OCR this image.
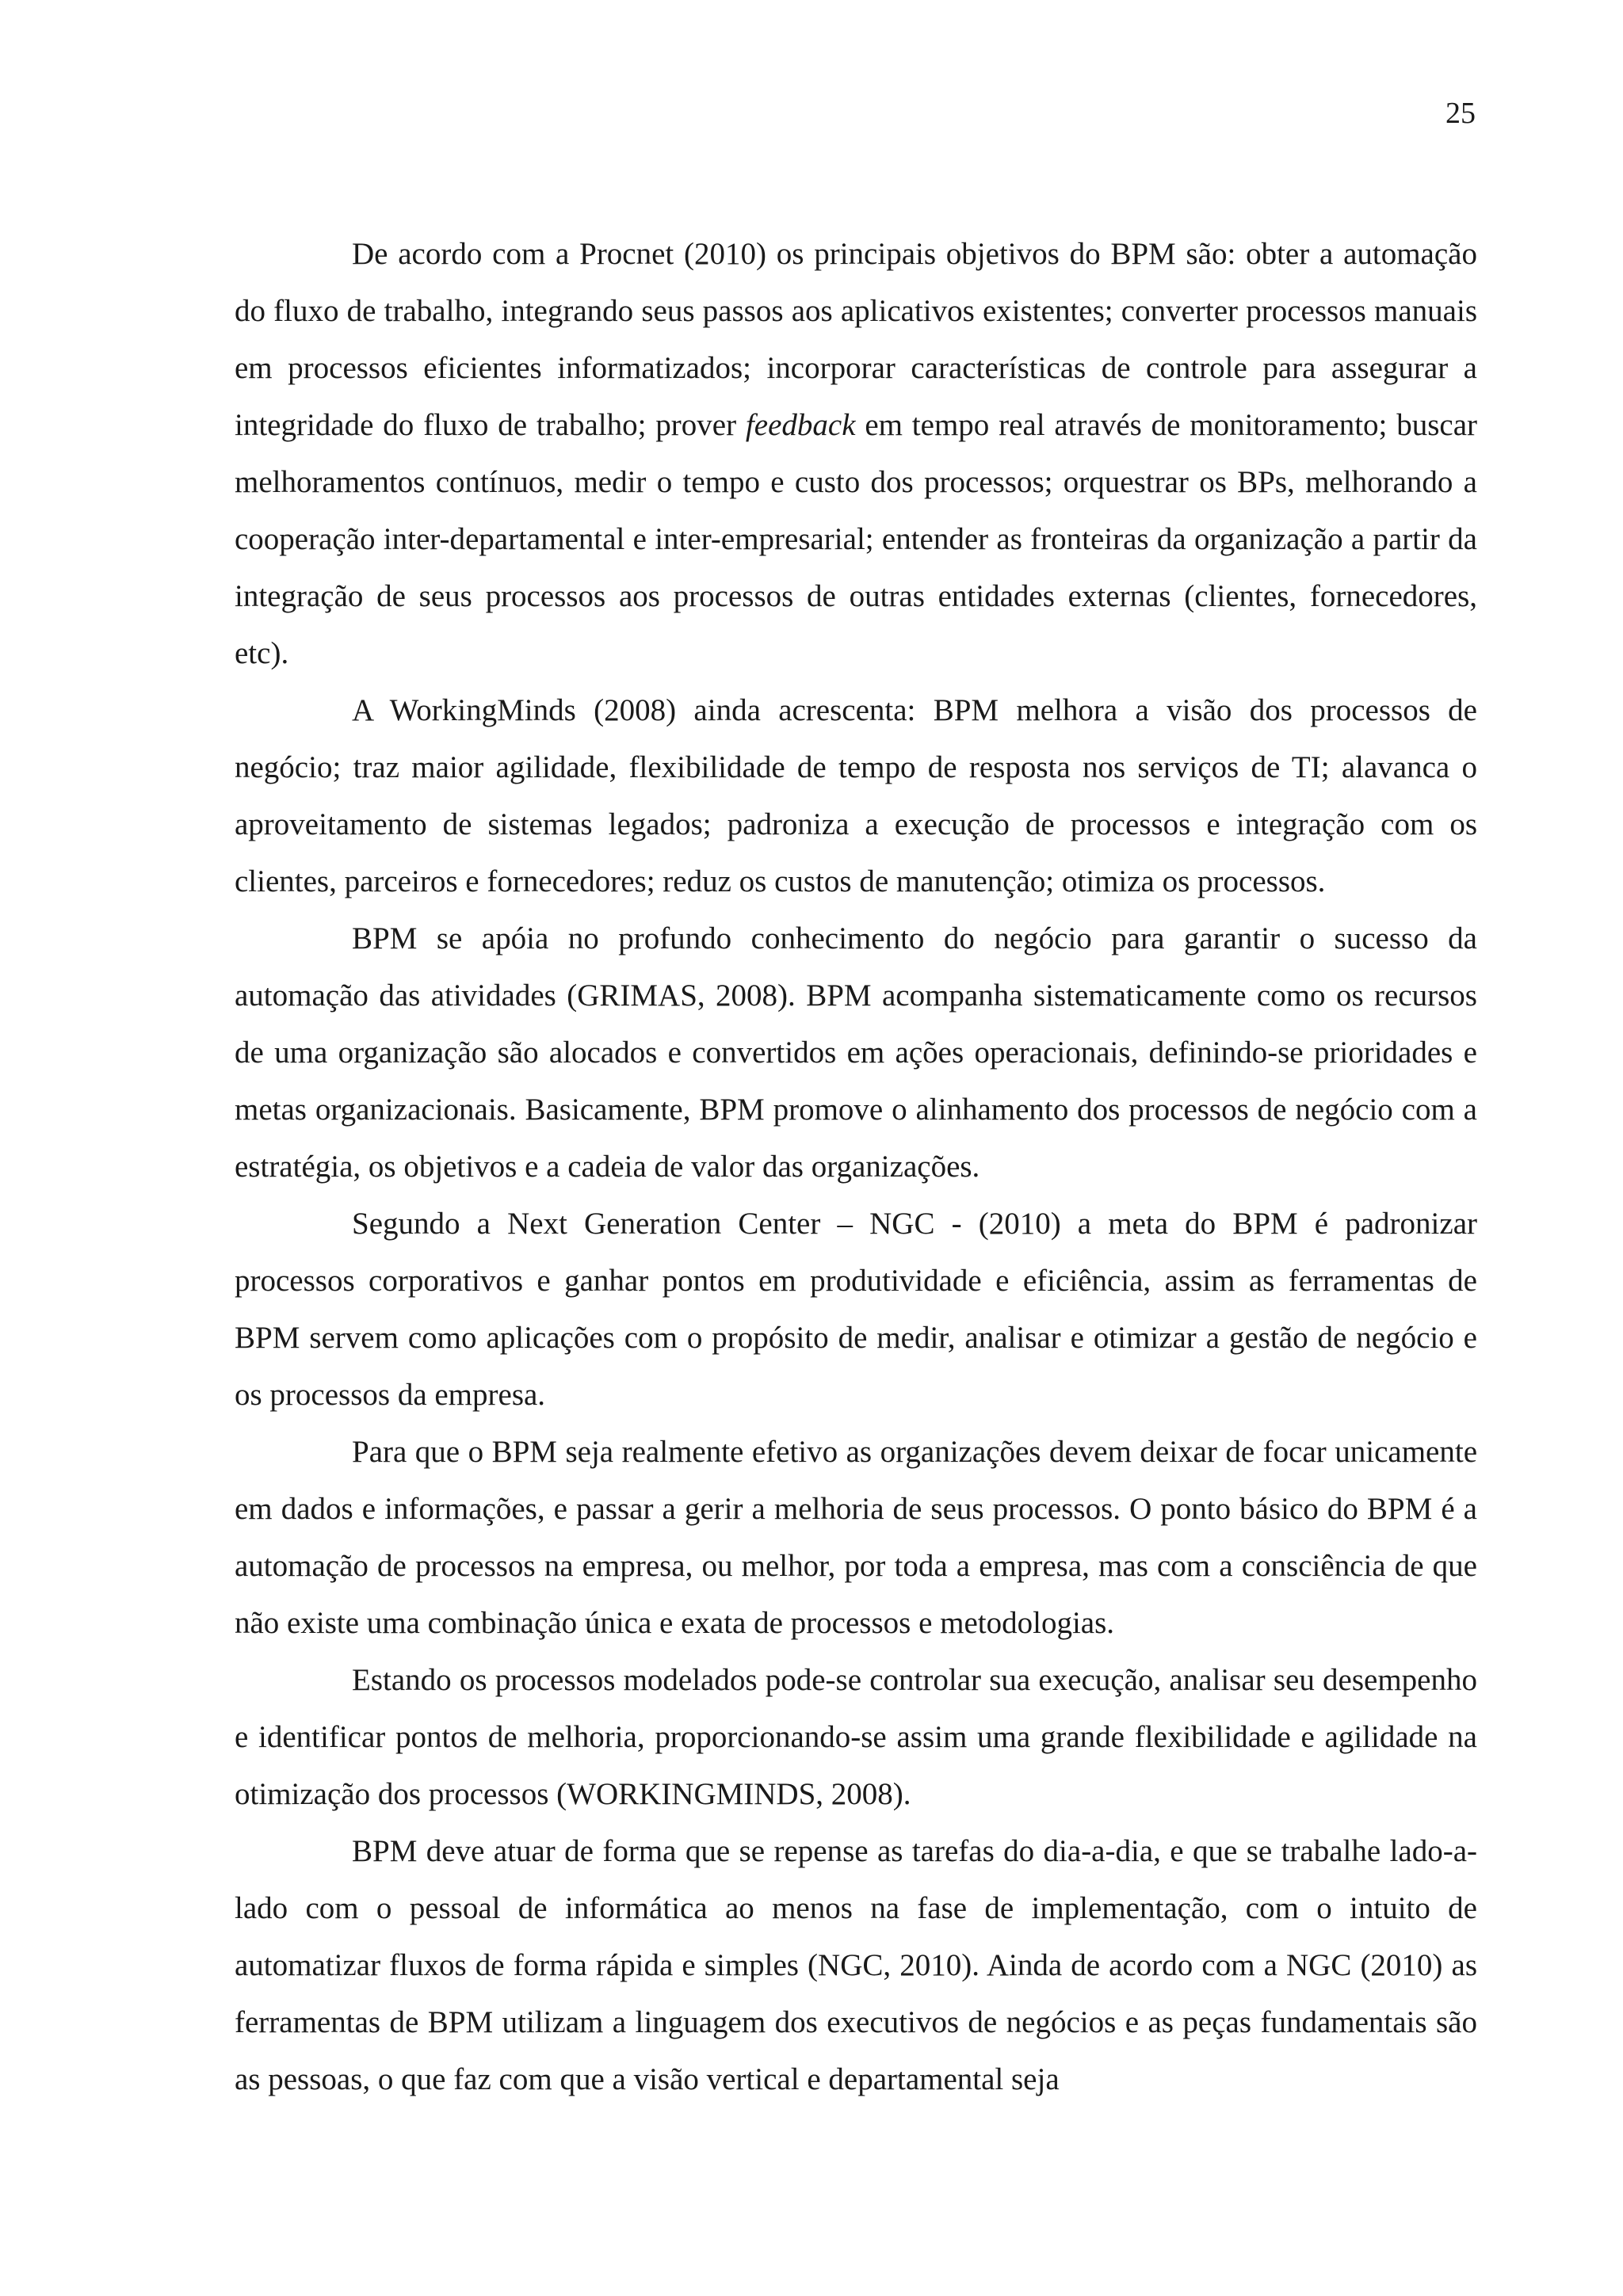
25

De acordo com a Procnet (2010) os principais objetivos do BPM são: obter a automação do fluxo de trabalho, integrando seus passos aos aplicativos existentes; converter processos manuais em processos eficientes informatizados; incorporar características de controle para assegurar a integridade do fluxo de trabalho; prover feedback em tempo real através de monitoramento; buscar melhoramentos contínuos, medir o tempo e custo dos processos; orquestrar os BPs, melhorando a cooperação inter-departamental e inter-empresarial; entender as fronteiras da organização a partir da integração de seus processos aos processos de outras entidades externas (clientes, fornecedores, etc).

A WorkingMinds (2008) ainda acrescenta: BPM melhora a visão dos processos de negócio; traz maior agilidade, flexibilidade de tempo de resposta nos serviços de TI; alavanca o aproveitamento de sistemas legados; padroniza a execução de processos e integração com os clientes, parceiros e fornecedores; reduz os custos de manutenção; otimiza os processos.

BPM se apóia no profundo conhecimento do negócio para garantir o sucesso da automação das atividades (GRIMAS, 2008). BPM acompanha sistematicamente como os recursos de uma organização são alocados e convertidos em ações operacionais, definindo-se prioridades e metas organizacionais. Basicamente, BPM promove o alinhamento dos processos de negócio com a estratégia, os objetivos e a cadeia de valor das organizações.

Segundo a Next Generation Center – NGC - (2010) a meta do BPM é padronizar processos corporativos e ganhar pontos em produtividade e eficiência, assim as ferramentas de BPM servem como aplicações com o propósito de medir, analisar e otimizar a gestão de negócio e os processos da empresa.

Para que o BPM seja realmente efetivo as organizações devem deixar de focar unicamente em dados e informações, e passar a gerir a melhoria de seus processos. O ponto básico do BPM é a automação de processos na empresa, ou melhor, por toda a empresa, mas com a consciência de que não existe uma combinação única e exata de processos e metodologias.

Estando os processos modelados pode-se controlar sua execução, analisar seu desempenho e identificar pontos de melhoria, proporcionando-se assim uma grande flexibilidade e agilidade na otimização dos processos (WORKINGMINDS, 2008).

BPM deve atuar de forma que se repense as tarefas do dia-a-dia, e que se trabalhe lado-a-lado com o pessoal de informática ao menos na fase de implementação, com o intuito de automatizar fluxos de forma rápida e simples (NGC, 2010). Ainda de acordo com a NGC (2010) as ferramentas de BPM utilizam a linguagem dos executivos de negócios e as peças fundamentais são as pessoas, o que faz com que a visão vertical e departamental seja
